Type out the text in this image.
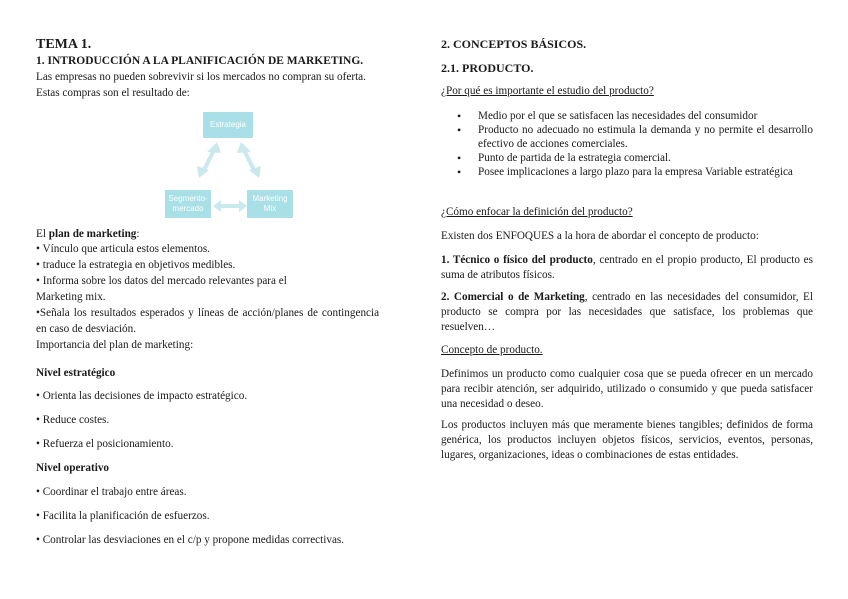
TEMA 1.
1. INTRODUCCIÓN A LA PLANIFICACIÓN DE MARKETING.
Las empresas no pueden sobrevivir si los mercados no compran su oferta.
Estas compras son el resultado de:
Estrategia
Segmento-
mercado
Marketing
Mix
El plan de marketing:
• Vínculo que articula estos elementos.
• traduce la estrategia en objetivos medibles.
• Informa sobre los datos del mercado relevantes para el
Marketing mix.
•Señala los resultados esperados y líneas de acción/planes de contingencia
en caso de desviación.
Importancia del plan de marketing:
Nivel estratégico
• Orienta las decisiones de impacto estratégico.
• Reduce costes.
• Refuerza el posicionamiento.
Nivel operativo
• Coordinar el trabajo entre áreas.
• Facilita la planificación de esfuerzos.
• Controlar las desviaciones en el c/p y propone medidas correctivas.
2. CONCEPTOS BÁSICOS.
2.1. PRODUCTO.
¿Por qué es importante el estudio del producto?
• Medio por el que se satisfacen las necesidades del consumidor
• Producto no adecuado no estimula la demanda y no permite el desarrollo efectivo de acciones comerciales.
• Punto de partida de la estrategia comercial.
• Posee implicaciones a largo plazo para la empresa Variable estratégica
¿Cómo enfocar la definición del producto?
Existen dos ENFOQUES a la hora de abordar el concepto de producto:
1. Técnico o físico del producto, centrado en el propio producto, El producto es suma de atributos físicos.
2. Comercial o de Marketing, centrado en las necesidades del consumidor, El producto se compra por las necesidades que satisface, los problemas que resuelven…
Concepto de producto.
Definimos un producto como cualquier cosa que se pueda ofrecer en un mercado para recibir atención, ser adquirido, utilizado o consumido y que pueda satisfacer una necesidad o deseo.
Los productos incluyen más que meramente bienes tangibles; definidos de forma genérica, los productos incluyen objetos físicos, servicios, eventos, personas, lugares, organizaciones, ideas o combinaciones de estas entidades.
